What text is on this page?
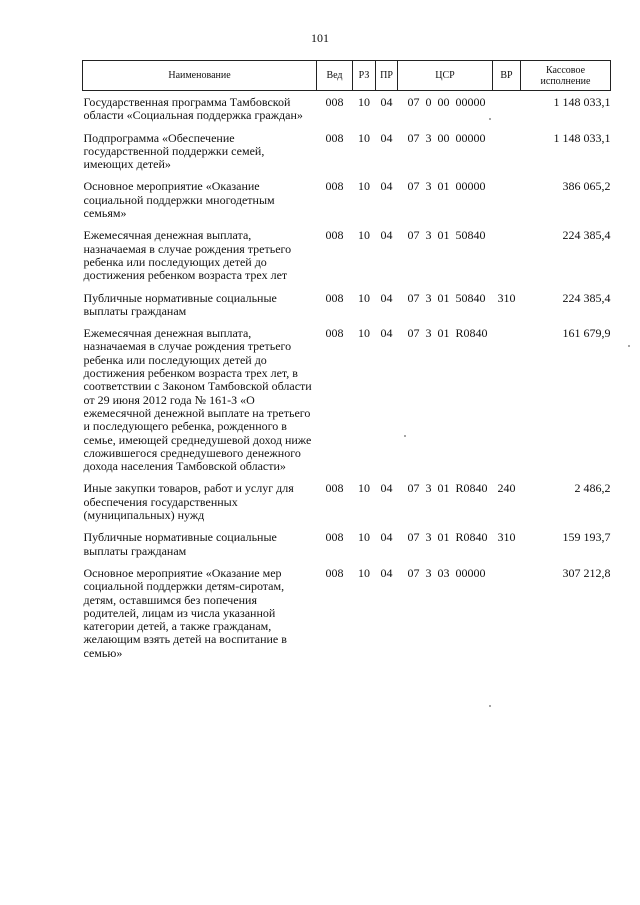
101
Наименование	Вед	РЗ	ПР	ЦСР	ВР	Кассовое
исполнение
Государственная программа Тамбовской области «Социальная поддержка граждан»	008	10	04	07  0  00  00000		1 148 033,1
Подпрограмма «Обеспечение государственной поддержки семей, имеющих детей»	008	10	04	07  3  00  00000		1 148 033,1
Основное мероприятие «Оказание социальной поддержки многодетным семьям»	008	10	04	07  3  01  00000		386 065,2
Ежемесячная денежная выплата, назначаемая в случае рождения третьего ребенка или последующих детей до достижения ребенком возраста трех лет	008	10	04	07  3  01  50840		224 385,4
Публичные нормативные социальные выплаты гражданам	008	10	04	07  3  01  50840	310	224 385,4
Ежемесячная денежная выплата, назначаемая в случае рождения третьего ребенка или последующих детей до достижения ребенком возраста трех лет, в соответствии с Законом Тамбовской области от 29 июня 2012 года № 161-З «О ежемесячной денежной выплате на третьего и последующего ребенка, рожденного в семье, имеющей среднедушевой доход ниже сложившегося среднедушевого денежного дохода населения Тамбовской области»	008	10	04	07  3  01  R0840		161 679,9
Иные закупки товаров, работ и услуг для обеспечения государственных (муниципальных) нужд	008	10	04	07  3  01  R0840	240	2 486,2
Публичные нормативные социальные выплаты гражданам	008	10	04	07  3  01  R0840	310	159 193,7
Основное мероприятие «Оказание мер социальной поддержки детям-сиротам, детям, оставшимся без попечения родителей, лицам из числа указанной категории детей, а также гражданам, желающим взять детей на воспитание в семью»	008	10	04	07  3  03  00000		307 212,8
